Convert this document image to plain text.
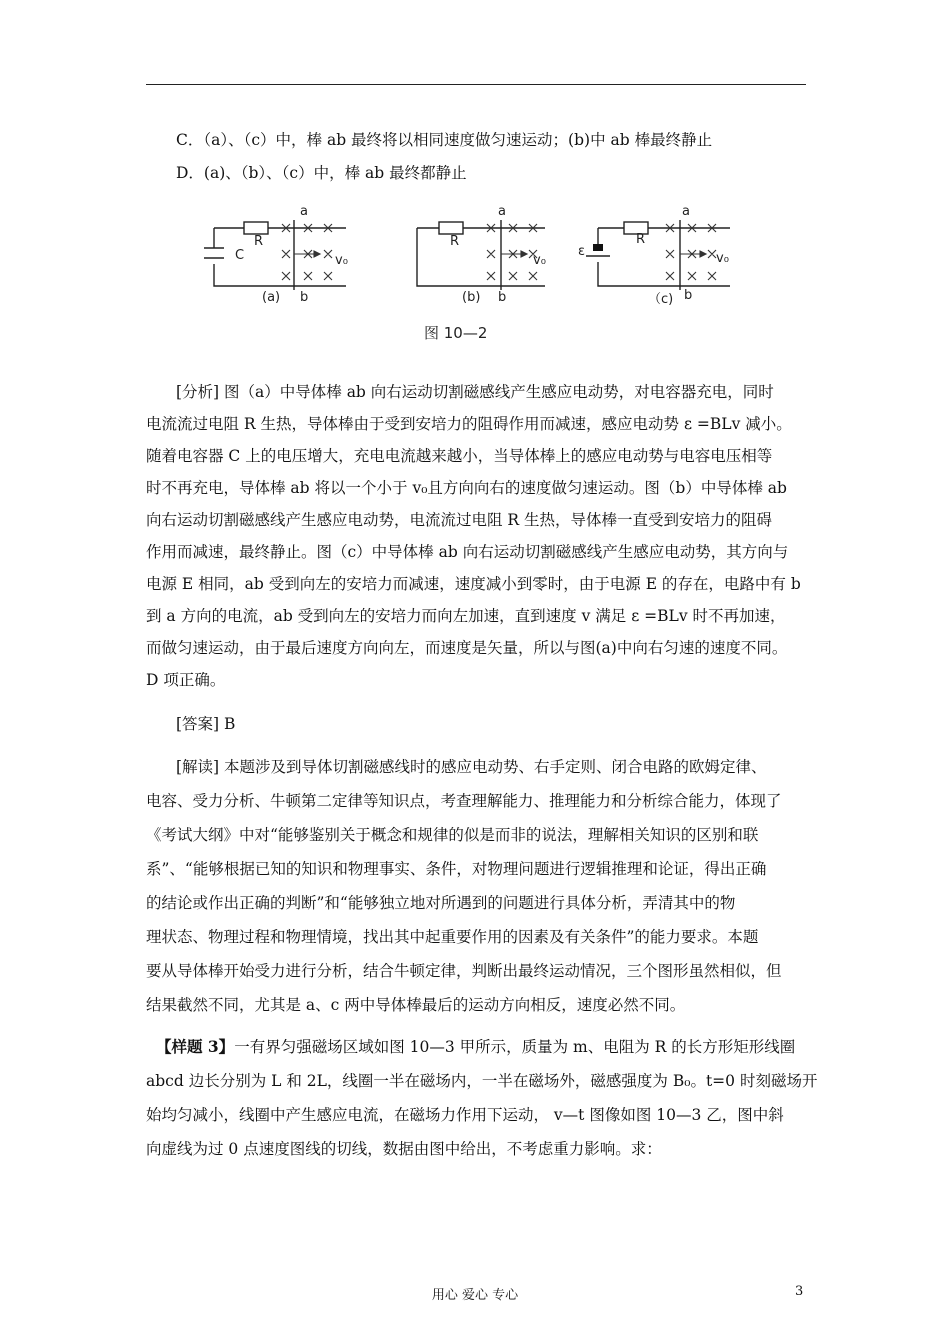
C．（a）、（c）中，棒 ab 最终将以相同速度做匀速运动；(b)中 ab 棒最终静止
D．(a)、（b）、（c）中，棒 ab 最终都静止
C
R
a
v₀
(a) b
R
a
v₀
(b) b
ε
R
a
v₀
（c) b
图 10—2
[分析] 图（a）中导体棒 ab 向右运动切割磁感线产生感应电动势，对电容器充电，同时
电流流过电阻 R 生热，导体棒由于受到安培力的阻碍作用而减速，感应电动势 ε =BLv 减小。
随着电容器 C 上的电压增大，充电电流越来越小，当导体棒上的感应电动势与电容电压相等
时不再充电，导体棒 ab 将以一个小于 v₀且方向向右的速度做匀速运动。图（b）中导体棒 ab
向右运动切割磁感线产生感应电动势，电流流过电阻 R 生热，导体棒一直受到安培力的阻碍
作用而减速，最终静止。图（c）中导体棒 ab 向右运动切割磁感线产生感应电动势，其方向与
电源 E 相同，ab 受到向左的安培力而减速，速度减小到零时，由于电源 E 的存在，电路中有 b
到 a 方向的电流，ab 受到向左的安培力而向左加速，直到速度 v 满足 ε =BLv 时不再加速，
而做匀速运动，由于最后速度方向向左，而速度是矢量，所以与图(a)中向右匀速的速度不同。
D 项正确。
[答案] B
[解读] 本题涉及到导体切割磁感线时的感应电动势、右手定则、闭合电路的欧姆定律、
电容、受力分析、牛顿第二定律等知识点，考查理解能力、推理能力和分析综合能力，体现了
《考试大纲》中对“能够鉴别关于概念和规律的似是而非的说法，理解相关知识的区别和联
系”、“能够根据已知的知识和物理事实、条件，对物理问题进行逻辑推理和论证，得出正确
的结论或作出正确的判断”和“能够独立地对所遇到的问题进行具体分析，弄清其中的物
理状态、物理过程和物理情境，找出其中起重要作用的因素及有关条件”的能力要求。本题
要从导体棒开始受力进行分析，结合牛顿定律，判断出最终运动情况，三个图形虽然相似，但
结果截然不同，尤其是 a、c 两中导体棒最后的运动方向相反，速度必然不同。
【样题 3】一有界匀强磁场区域如图 10—3 甲所示，质量为 m、电阻为 R 的长方形矩形线圈
abcd 边长分别为 L 和 2L，线圈一半在磁场内，一半在磁场外，磁感强度为 B₀。t=0 时刻磁场开
始均匀减小，线圈中产生感应电流，在磁场力作用下运动， v—t 图像如图 10—3 乙，图中斜
向虚线为过 0 点速度图线的切线，数据由图中给出，不考虑重力影响。求：
用心 爱心 专心	3
